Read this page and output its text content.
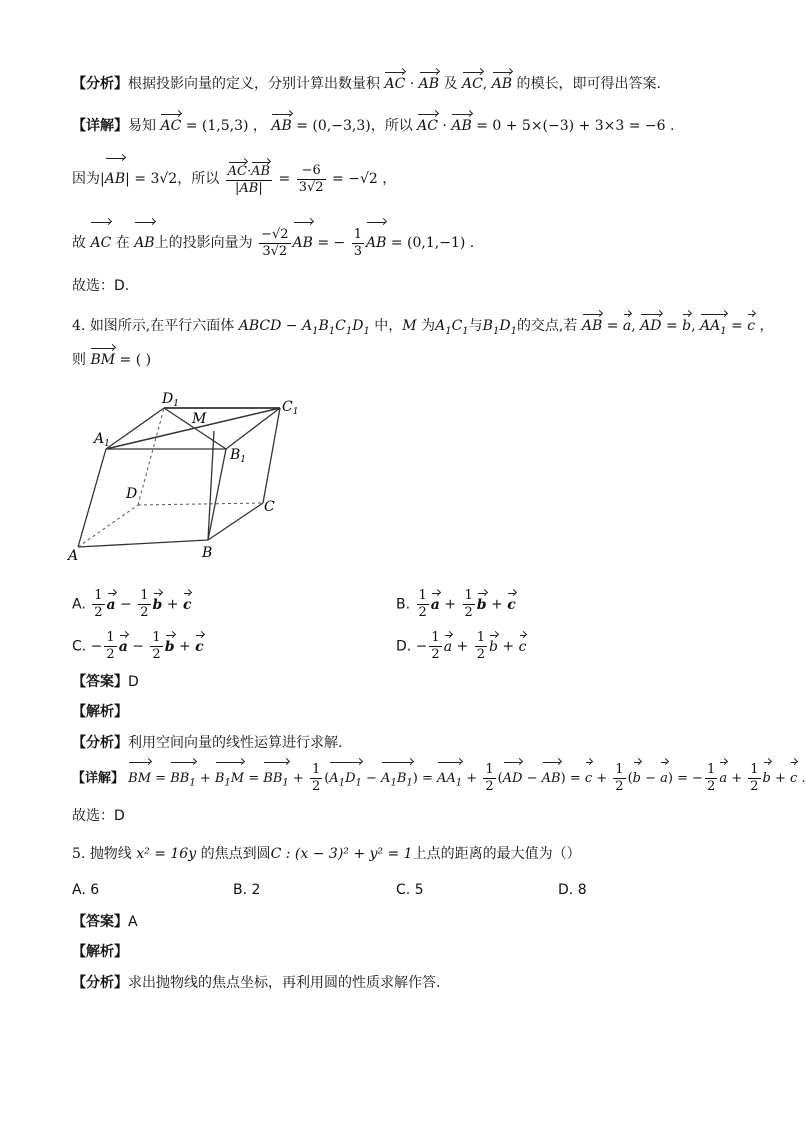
【分析】根据投影向量的定义，分别计算出数量积 AC · AB 及 AC, AB 的模长，即可得出答案.
【详解】易知 AC = (1,5,3) ， AB = (0,−3,3)，所以 AC · AB = 0 + 5×(−3) + 3×3 = −6 .
因为|AB| = 3√2，所以 $\frac{AC\cdot AB}{|AB|} = \frac{-6}{3√2} = -√2$ ，
故 AC 在 AB上的投影向量为 $\frac{-√2}{3√2}$ AB = − $\frac{1}{3}$ AB = (0,1,−1) .
故选：D.
4. 如图所示,在平行六面体 ABCD − $A_1B_1C_1D_1$ 中，M 为$A_1C_1$与$B_1D_1$的交点,若 AB = a, AD = b, $AA_1 = c$ ，
则 BM = ( )
A	B
C
D
$A_1$
$B_1$
$C_1$
$D_1$
M
A. $\frac{1}{2}$ $a - \frac{1}{2}$ b + c	B. $\frac{1}{2}$ $a + \frac{1}{2}$ b + c
C. − $\frac{1}{2}$ $a - \frac{1}{2}$ b + c	D. − $\frac{1}{2}$ $a + \frac{1}{2}$ b + c
【答案】D
【解析】
【分析】利用空间向量的线性运算进行求解.
【详解】 BM = $BB_1 + B_1M = BB_1 + \frac{1}{2} (A_1D_1 - A_1B_1) = AA_1 + \frac{1}{2} (AD - AB) = c + \frac{1}{2} (b - a)$ = − $\frac{1}{2}$ $a + \frac{1}{2}$ b + c .
故选：D
5. 抛物线 x² = 16y 的焦点到圆C : (x − 3)² + y² = 1上点的距离的最大值为（）
A. 6	B. 2	C. 5	D. 8
【答案】A
【解析】
【分析】求出抛物线的焦点坐标，再利用圆的性质求解作答.
